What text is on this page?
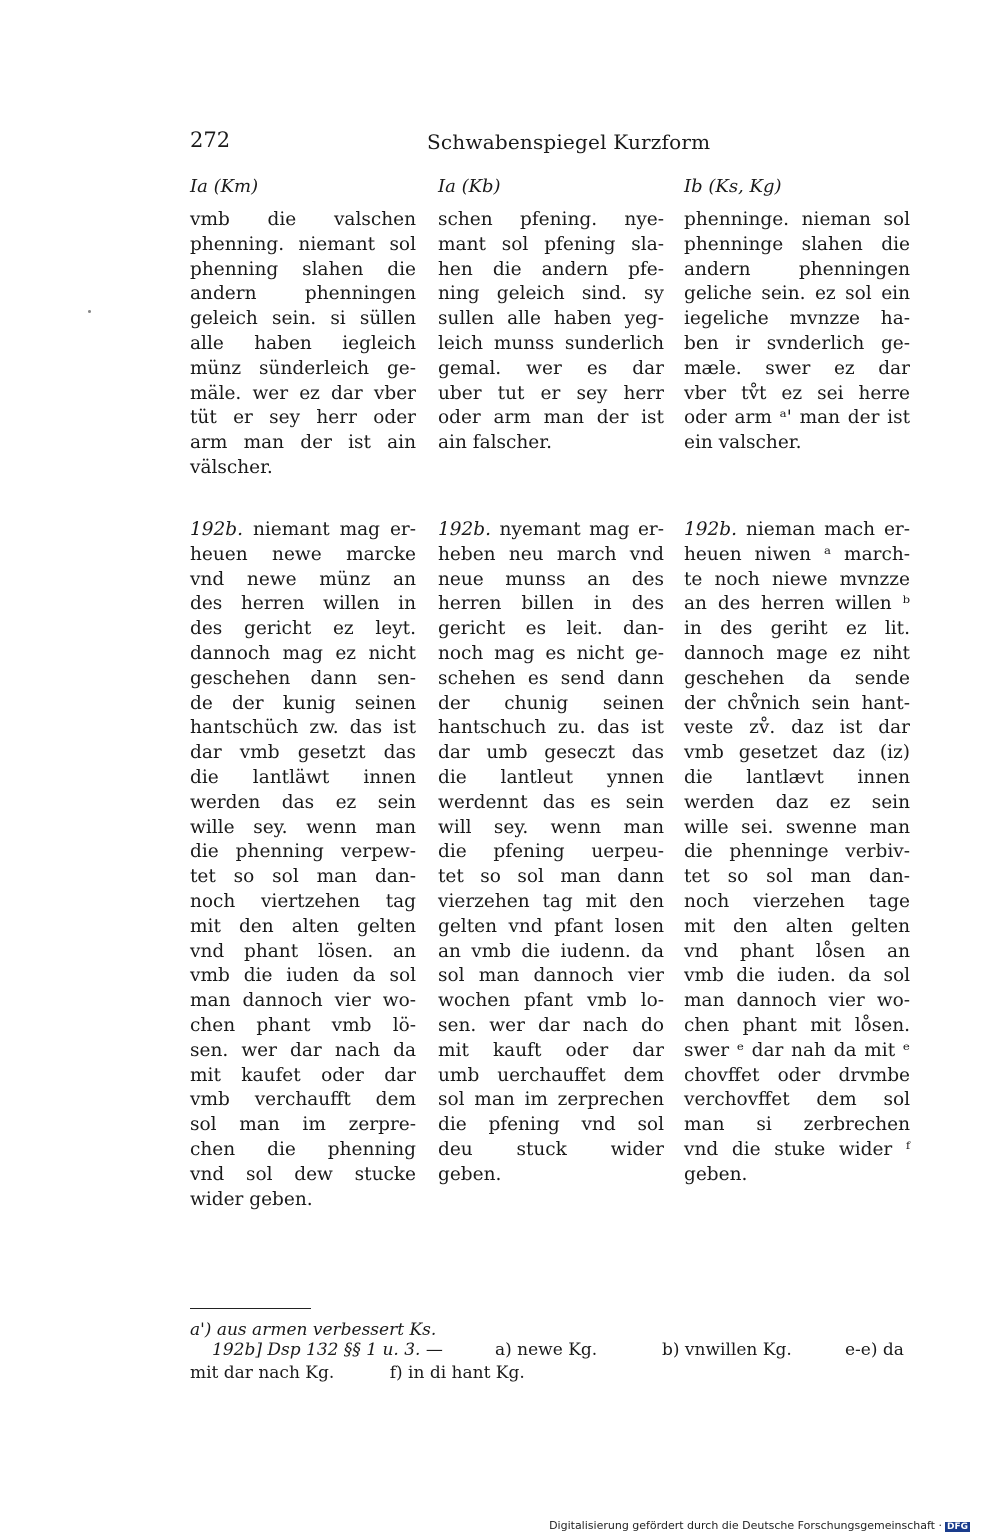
272	Schwabenspiegel Kurzform
Ia (Km)	Ia (Kb)	Ib (Ks, Kg)
vmb die valschen
phenning. niemant sol
phenning slahen die
andern phenningen
geleich sein. si süllen
alle haben iegleich
münz sünderleich ge-
mäle. wer ez dar vber
tüt er sey herr oder
arm man der ist ain
välscher.
schen pfening. nye-
mant sol pfening sla-
hen die andern pfe-
ning geleich sind. sy
sullen alle haben yeg-
leich munss sunderlich
gemal. wer es dar
uber tut er sey herr
oder arm man der ist
ain falscher.
phenninge. nieman sol
phenninge slahen die
andern phenningen
geliche sein. ez sol ein
iegeliche mvnzze ha-
ben ir svnderlich ge-
mæle. swer ez dar
vber tv̊t ez sei herre
oder arm ᵃ' man der ist
ein valscher.
192b. niemant mag er-
heuen newe marcke
vnd newe münz an
des herren willen in
des gericht ez leyt.
dannoch mag ez nicht
geschehen dann sen-
de der kunig seinen
hantschüch zw. das ist
dar vmb gesetzt das
die lantläwt innen
werden das ez sein
wille sey. wenn man
die phenning verpew-
tet so sol man dan-
noch viertzehen tag
mit den alten gelten
vnd phant lösen. an
vmb die iuden da sol
man dannoch vier wo-
chen phant vmb lö-
sen. wer dar nach da
mit kaufet oder dar
vmb verchaufft dem
sol man im zerpre-
chen die phenning
vnd sol dew stucke
wider geben.
192b. nyemant mag er-
heben neu march vnd
neue munss an des
herren billen in des
gericht es leit. dan-
noch mag es nicht ge-
schehen es send dann
der chunig seinen
hantschuch zu. das ist
dar umb geseczt das
die lantleut ynnen
werdennt das es sein
will sey. wenn man
die pfening uerpeu-
tet so sol man dann
vierzehen tag mit den
gelten vnd pfant losen
an vmb die iudenn. da
sol man dannoch vier
wochen pfant vmb lo-
sen. wer dar nach do
mit kauft oder dar
umb uerchauffet dem
sol man im zerprechen
die pfening vnd sol
deu stuck wider
geben.
192b. nieman mach er-
heuen niwen ᵃ march-
te noch niewe mvnzze
an des herren willen ᵇ
in des geriht ez lit.
dannoch mage ez niht
geschehen da sende
der chv̊nich sein hant-
veste zv̊. daz ist dar
vmb gesetzet daz (iz)
die lantlævt innen
werden daz ez sein
wille sei. swenne man
die phenninge verbiv-
tet so sol man dan-
noch vierzehen tage
mit den alten gelten
vnd phant lo̊sen an
vmb die iuden. da sol
man dannoch vier wo-
chen phant mit lo̊sen.
swer ᵉ dar nah da mit ᵉ
chovffet oder drvmbe
verchovffet dem sol
man si zerbrechen
vnd die stuke wider ᶠ
geben.
a') aus armen verbessert Ks.
192b] Dsp 132 §§ 1 u. 3. —	a) newe Kg.	b) vnwillen Kg.	e-e) da
mit dar nach Kg.	f) in di hant Kg.
Digitalisierung gefördert durch die Deutsche Forschungsgemeinschaft · DFG
